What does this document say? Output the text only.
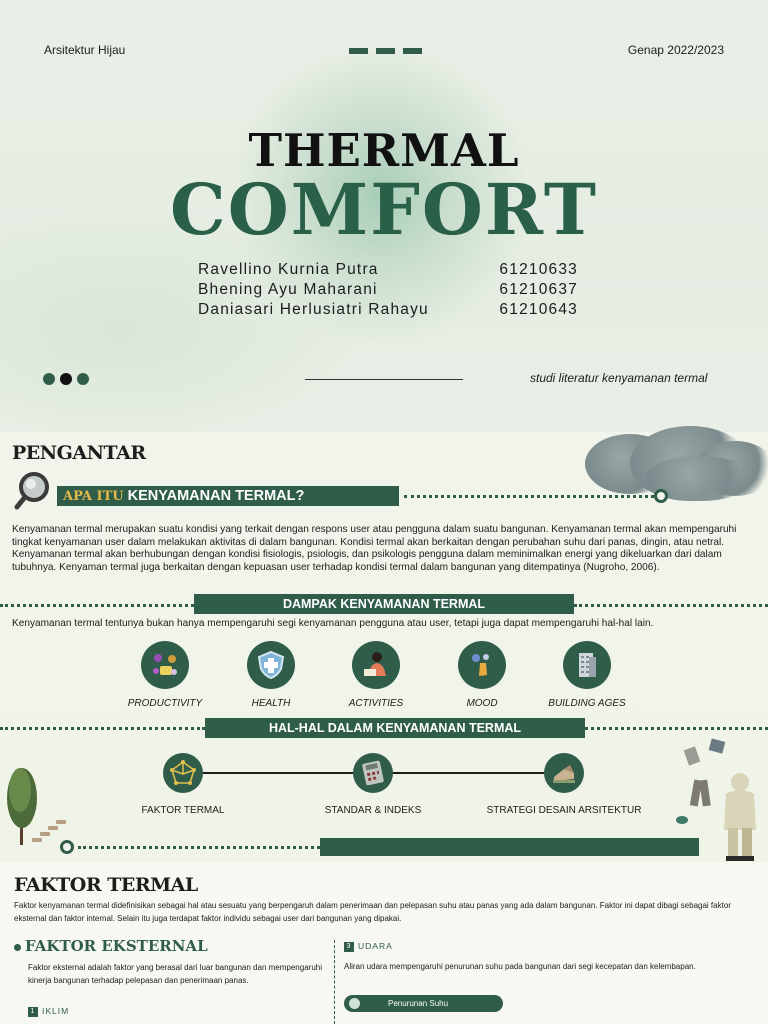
Arsitektur Hijau	Genap 2022/2023
THERMAL
COMFORT
Ravellino Kurnia Putra	61210633
Bhening Ayu Maharani	61210637
Daniasari Herlusiatri Rahayu	61210643
studi literatur kenyamanan termal
PENGANTAR
APA ITU KENYAMANAN TERMAL?

Kenyamanan termal merupakan suatu kondisi yang terkait dengan respons user atau pengguna dalam suatu bangunan. Kenyamanan termal akan mempengaruhi tingkat kenyamanan user dalam melakukan aktivitas di dalam bangunan. Kondisi termal akan berkaitan dengan perubahan suhu dari panas, dingin, atau netral. Kenyamanan termal akan berhubungan dengan kondisi fisiologis, psiologis, dan psikologis pengguna dalam meminimalkan energi yang dikeluarkan dari dalam tubuhnya. Kenyaman termal juga berkaitan dengan kepuasan user terhadap kondisi termal dalam bangunan yang ditempatinya (Nugroho, 2006).

DAMPAK KENYAMANAN TERMAL

Kenyamanan termal tentunya bukan hanya mempengaruhi segi kenyamanan pengguna atau user, tetapi juga dapat mempengaruhi hal-hal lain.

PRODUCTIVITY	HEALTH	ACTIVITIES	MOOD	BUILDING AGES
HAL-HAL DALAM KENYAMANAN TERMAL
FAKTOR TERMAL	STANDAR & INDEKS	STRATEGI DESAIN ARSITEKTUR
FAKTOR TERMAL

Faktor kenyamanan termal didefinisikan sebagai hal atau sesuatu yang berpengaruh dalam penerimaan dan pelepasan suhu atau panas yang ada dalam bangunan. Faktor ini dapat dibagi sebagai faktor eksternal dan faktor internal. Selain itu juga terdapat faktor individu sebagai user dari bangunan yang dipakai.

FAKTOR EKSTERNAL

Faktor eksternal adalah faktor yang berasal dari luar bangunan dan mempengaruhi kinerja bangunan terhadap pelepasan dan penerimaan panas.

1 IKLIM
3 UDARA

Aliran udara mempengaruhi penurunan suhu pada bangunan dari segi kecepatan dan kelembapan.

Penurunan Suhu
